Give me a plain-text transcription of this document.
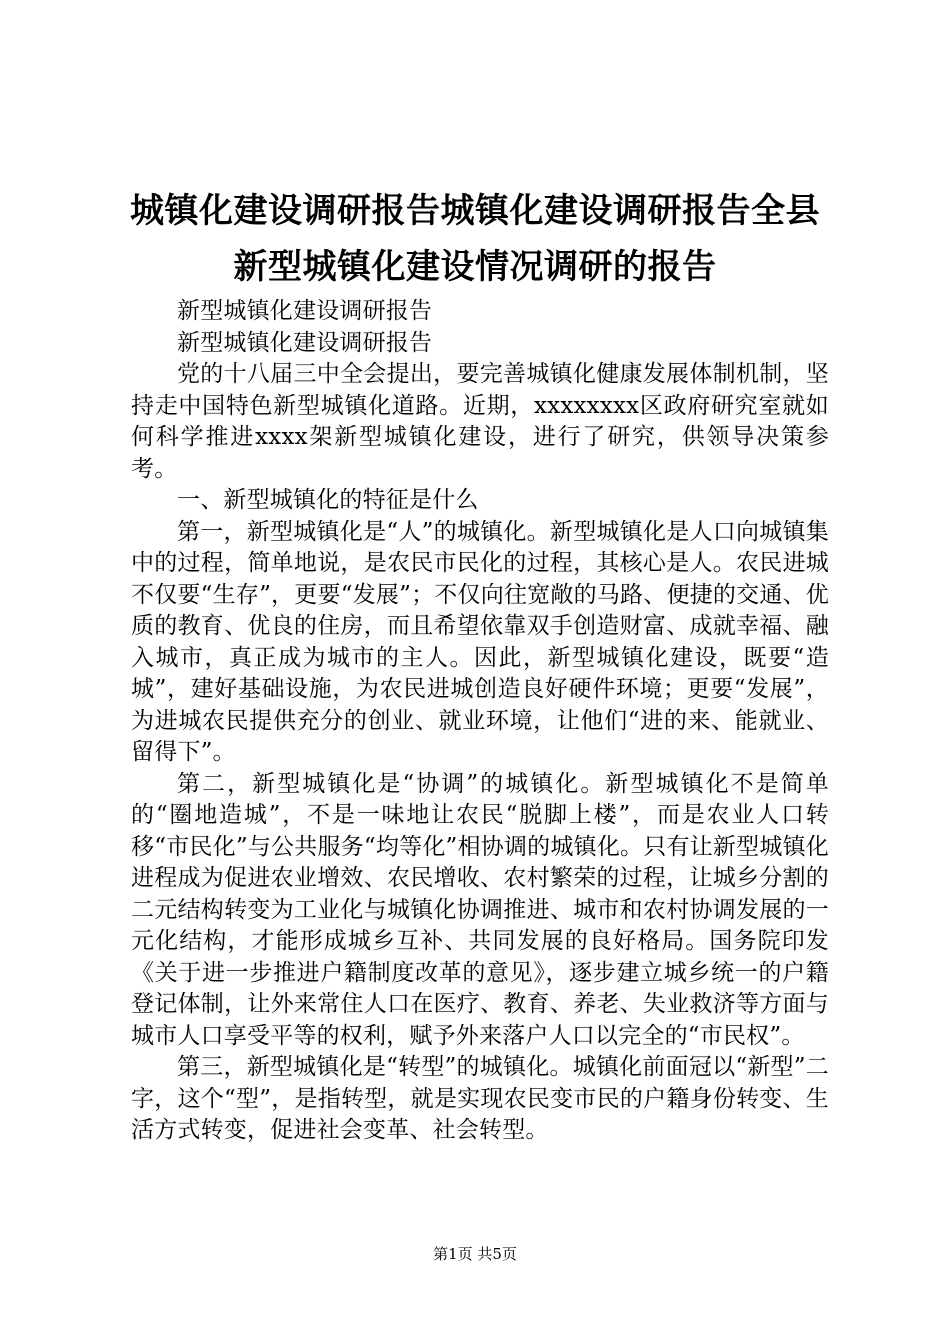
城镇化建设调研报告城镇化建设调研报告全县
新型城镇化建设情况调研的报告

新型城镇化建设调研报告

新型城镇化建设调研报告

党的十八届三中全会提出，要完善城镇化健康发展体制机制，坚持走中国特色新型城镇化道路。近期，xxxxxxxx区政府研究室就如何科学推进xxxx架新型城镇化建设，进行了研究，供领导决策参考。

一、新型城镇化的特征是什么

第一，新型城镇化是“人”的城镇化。新型城镇化是人口向城镇集中的过程，简单地说，是农民市民化的过程，其核心是人。农民进城不仅要“生存”，更要“发展”；不仅向往宽敞的马路、便捷的交通、优质的教育、优良的住房，而且希望依靠双手创造财富、成就幸福、融入城市，真正成为城市的主人。因此，新型城镇化建设，既要“造城”，建好基础设施，为农民进城创造良好硬件环境；更要“发展”，为进城农民提供充分的创业、就业环境，让他们“进的来、能就业、留得下”。

第二，新型城镇化是“协调”的城镇化。新型城镇化不是简单的“圈地造城”，不是一味地让农民“脱脚上楼”，而是农业人口转移“市民化”与公共服务“均等化”相协调的城镇化。只有让新型城镇化进程成为促进农业增效、农民增收、农村繁荣的过程，让城乡分割的二元结构转变为工业化与城镇化协调推进、城市和农村协调发展的一元化结构，才能形成城乡互补、共同发展的良好格局。国务院印发《关于进一步推进户籍制度改革的意见》，逐步建立城乡统一的户籍登记体制，让外来常住人口在医疗、教育、养老、失业救济等方面与城市人口享受平等的权利，赋予外来落户人口以完全的“市民权”。

第三，新型城镇化是“转型”的城镇化。城镇化前面冠以“新型”二字，这个“型”，是指转型，就是实现农民变市民的户籍身份转变、生活方式转变，促进社会变革、社会转型。

第1页 共5页
